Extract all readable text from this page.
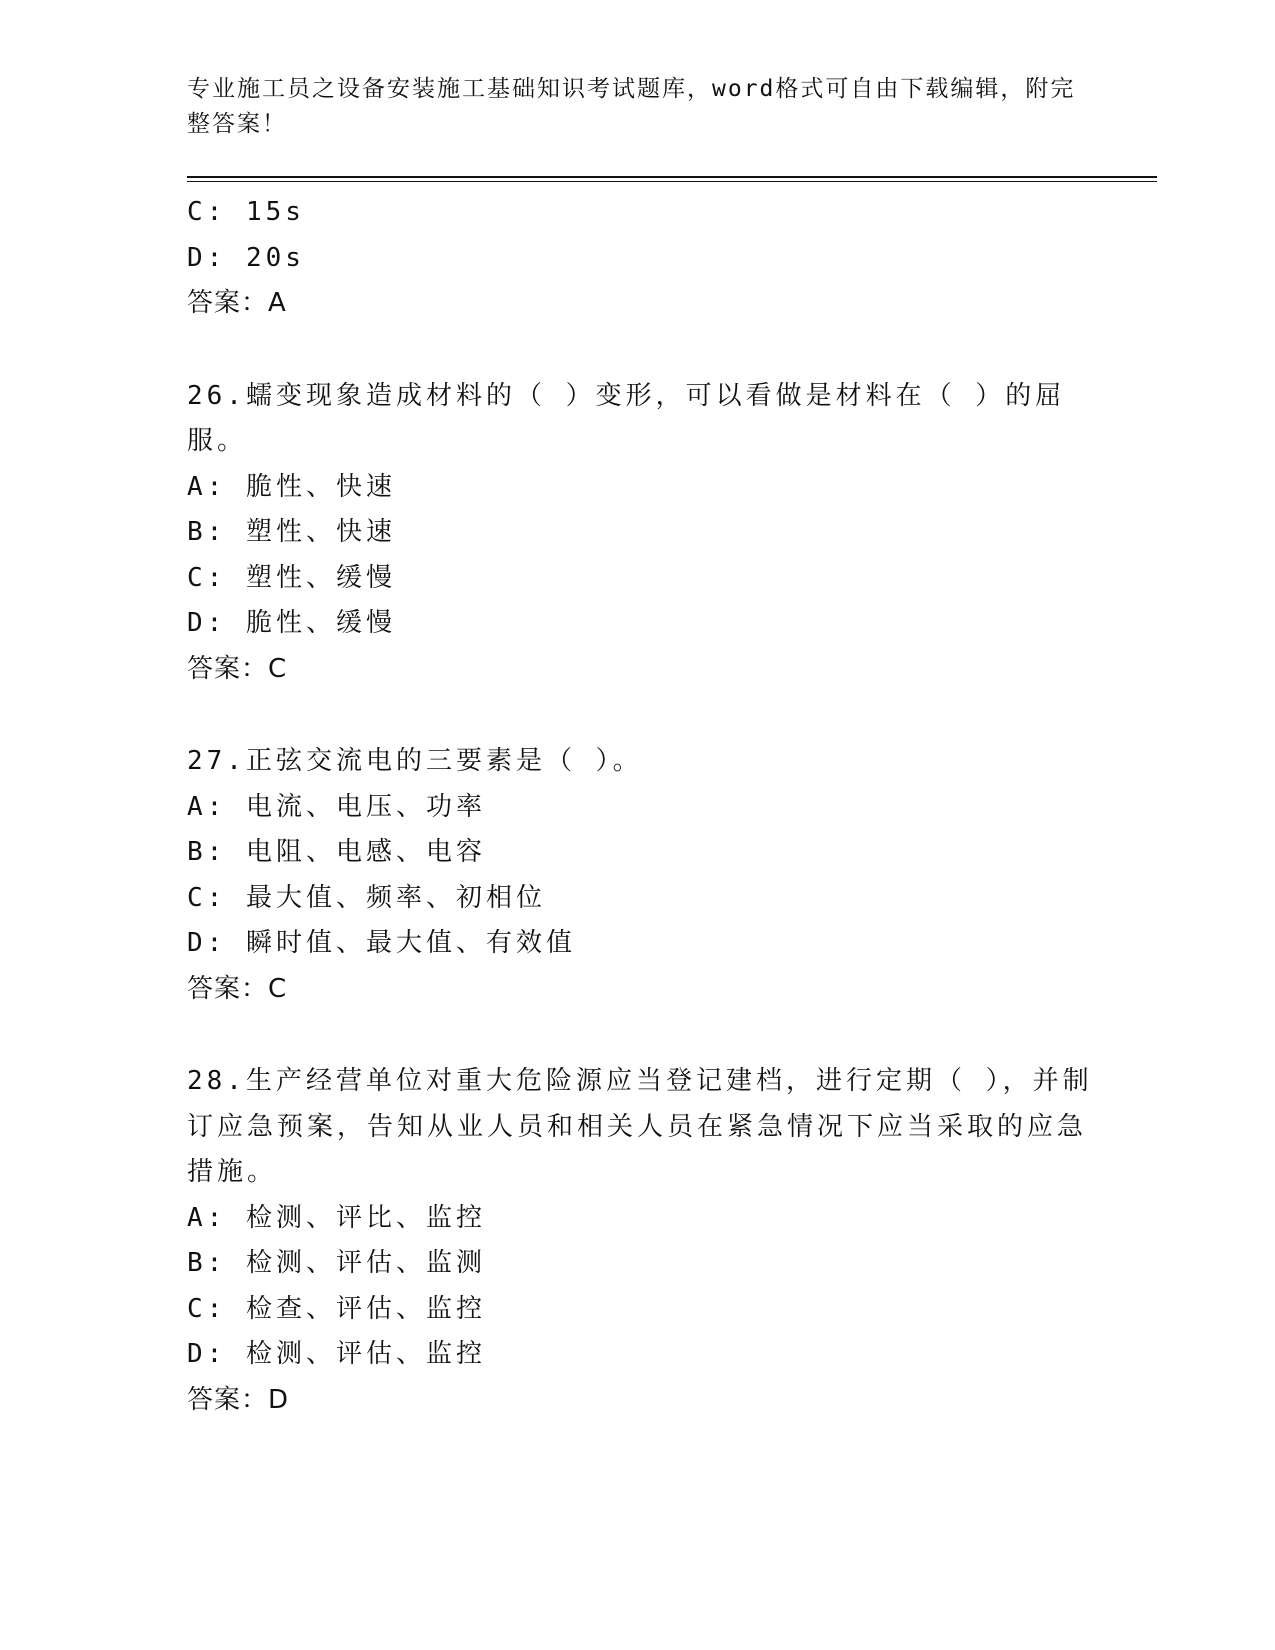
专业施工员之设备安装施工基础知识考试题库，word格式可自由下载编辑，附完整答案！
C: 15s
D: 20s
答案：A
26.蠕变现象造成材料的（ ）变形，可以看做是材料在（ ）的屈服。
A: 脆性、快速
B: 塑性、快速
C: 塑性、缓慢
D: 脆性、缓慢
答案：C
27.正弦交流电的三要素是（ ）。
A: 电流、电压、功率
B: 电阻、电感、电容
C: 最大值、频率、初相位
D: 瞬时值、最大值、有效值
答案：C
28.生产经营单位对重大危险源应当登记建档，进行定期（ ），并制
订应急预案，告知从业人员和相关人员在紧急情况下应当采取的应急
措施。
A: 检测、评比、监控
B: 检测、评估、监测
C: 检查、评估、监控
D: 检测、评估、监控
答案：D
